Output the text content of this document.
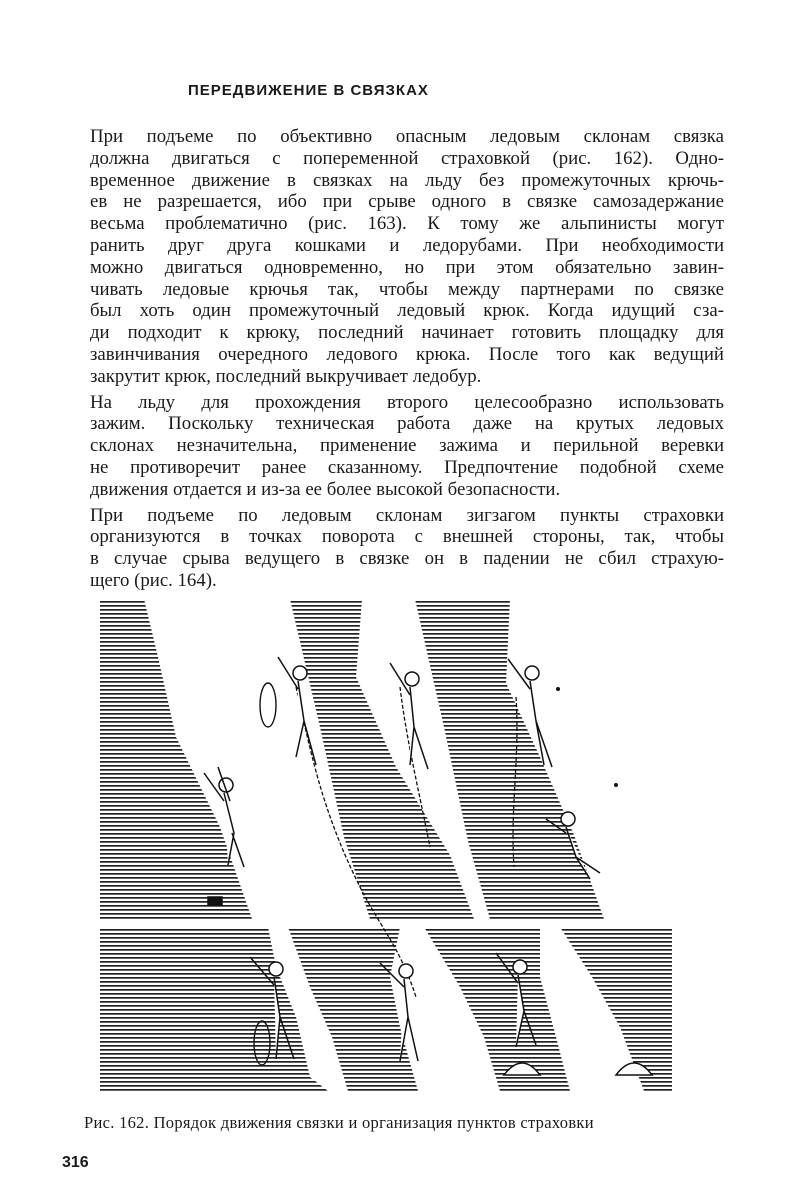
ПЕРЕДВИЖЕНИЕ В СВЯЗКАХ

При подъеме по объективно опасным ледовым склонам связка
должна двигаться с попеременной страховкой (рис. 162). Одно-
временное движение в связках на льду без промежуточных крючь-
ев не разрешается, ибо при срыве одного в связке самозадержание
весьма проблематично (рис. 163). К тому же альпинисты могут
ранить друг друга кошками и ледорубами. При необходимости
можно двигаться одновременно, но при этом обязательно завин-
чивать ледовые крючья так, чтобы между партнерами по связке
был хоть один промежуточный ледовый крюк. Когда идущий сза-
ди подходит к крюку, последний начинает готовить площадку для
завинчивания очередного ледового крюка. После того как ведущий
закрутит крюк, последний выкручивает ледобур.

На льду для прохождения второго целесообразно использовать
зажим. Поскольку техническая работа даже на крутых ледовых
склонах незначительна, применение зажима и перильной веревки
не противоречит ранее сказанному. Предпочтение подобной схеме
движения отдается и из-за ее более высокой безопасности.

При подъеме по ледовым склонам зигзагом пункты страховки
организуются в точках поворота с внешней стороны, так, чтобы
в случае срыва ведущего в связке он в падении не сбил страхую-
щего (рис. 164).

Рис. 162. Порядок движения связки и организация пунктов страховки
316
